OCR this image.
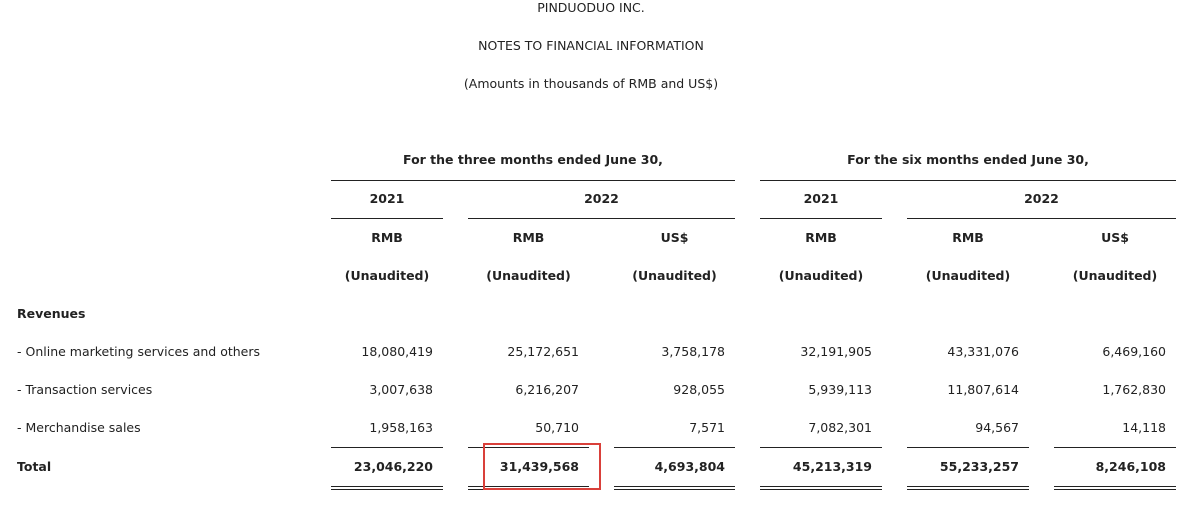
PINDUODUO INC.
NOTES TO FINANCIAL INFORMATION
(Amounts in thousands of RMB and US$)
For the three months ended June 30,	For the six months ended June 30,
2021	2022	2021	2022
RMB	RMB	US$	RMB	RMB	US$
(Unaudited)	(Unaudited)	(Unaudited)	(Unaudited)	(Unaudited)	(Unaudited)
Revenues
- Online marketing services and others	18,080,419	25,172,651	3,758,178	32,191,905	43,331,076	6,469,160
- Transaction services	3,007,638	6,216,207	928,055	5,939,113	11,807,614	1,762,830
- Merchandise sales	1,958,163	50,710	7,571	7,082,301	94,567	14,118
Total	23,046,220	31,439,568	4,693,804	45,213,319	55,233,257	8,246,108
